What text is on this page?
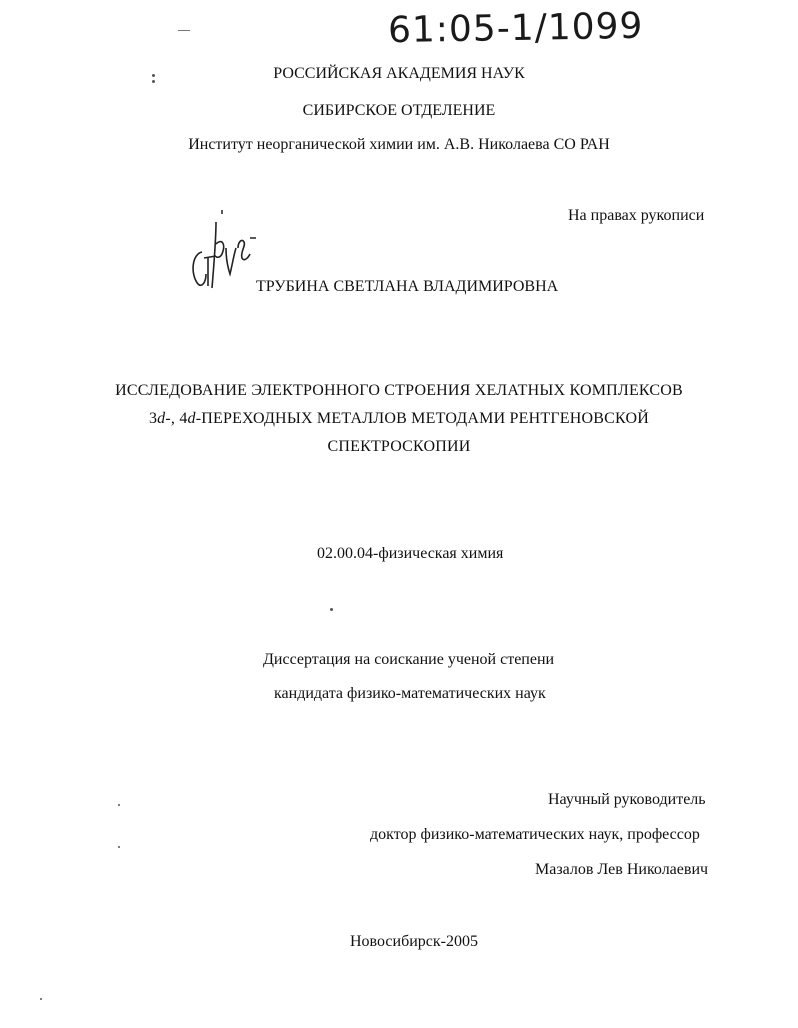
61:05-1/1099
РОССИЙСКАЯ АКАДЕМИЯ НАУК
СИБИРСКОЕ ОТДЕЛЕНИЕ
Институт неорганической химии им. А.В. Николаева СО РАН
На правах рукописи
ТРУБИНА СВЕТЛАНА ВЛАДИМИРОВНА
ИССЛЕДОВАНИЕ ЭЛЕКТРОННОГО СТРОЕНИЯ ХЕЛАТНЫХ КОМПЛЕКСОВ
3d-, 4d-ПЕРЕХОДНЫХ МЕТАЛЛОВ МЕТОДАМИ РЕНТГЕНОВСКОЙ
СПЕКТРОСКОПИИ
02.00.04-физическая химия
Диссертация на соискание ученой степени
кандидата физико-математических наук
Научный руководитель
доктор физико-математических наук, профессор
Мазалов Лев Николаевич
Новосибирск-2005
